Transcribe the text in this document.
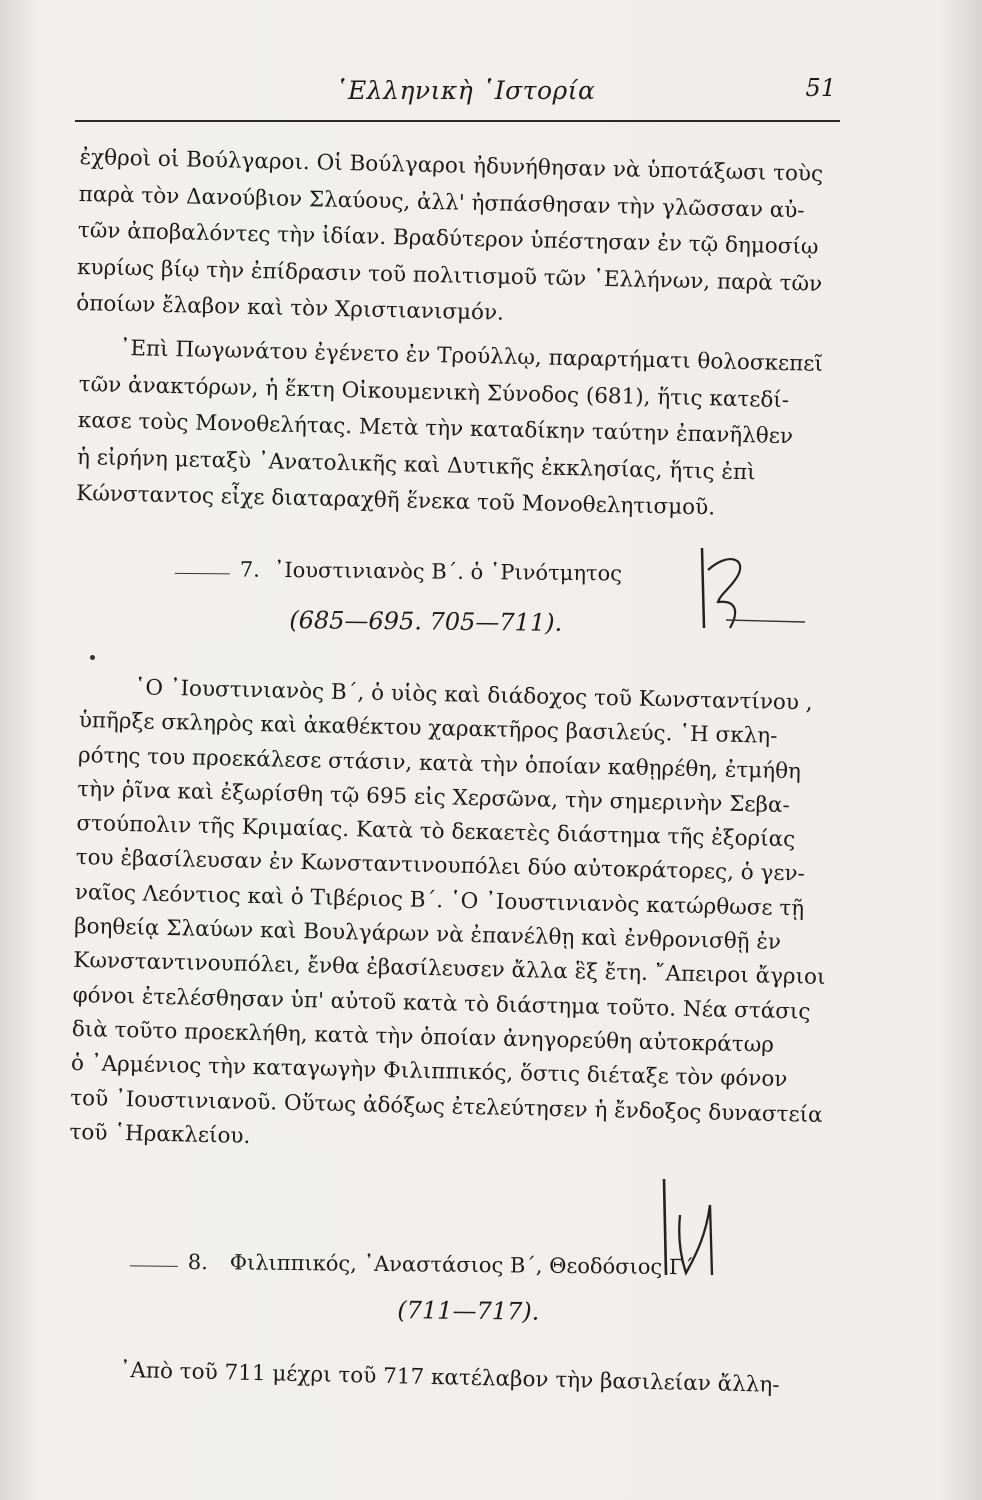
῾Ελληνικὴ ῾Ιστορία	51

ἐχθροὶ οἱ Βούλγαροι. Οἱ Βούλγαροι ἠδυνήθησαν νὰ ὑποτάξωσι τοὺς
παρὰ τὸν Δανούβιον Σλαύους, ἀλλ' ἠσπάσθησαν τὴν γλῶσσαν αὐ-
τῶν ἀποβαλόντες τὴν ἰδίαν. Βραδύτερον ὑπέστησαν ἐν τῷ δημοσίῳ
κυρίως βίῳ τὴν ἐπίδρασιν τοῦ πολιτισμοῦ τῶν ῾Ελλήνων, παρὰ τῶν
ὁποίων ἔλαβον καὶ τὸν Χριστιανισμόν.

᾿Επὶ Πωγωνάτου ἐγένετο ἐν Τρούλλῳ, παραρτήματι θολοσκεπεῖ
τῶν ἀνακτόρων, ἡ ἕκτη Οἰκουμενικὴ Σύνοδος (681), ἥτις κατεδί-
κασε τοὺς Μονοθελήτας. Μετὰ τὴν καταδίκην ταύτην ἐπανῆλθεν
ἡ εἰρήνη μεταξὺ ᾿Ανατολικῆς καὶ Δυτικῆς ἐκκλησίας, ἥτις ἐπὶ
Κώνσταντος εἶχε διαταραχθῆ ἕνεκα τοῦ Μονοθελητισμοῦ.

7. ᾿Ιουστινιανὸς Β΄. ὁ ῾Ρινότμητος
(685—695. 705—711).

῾Ο ᾿Ιουστινιανὸς Β΄, ὁ υἱὸς καὶ διάδοχος τοῦ Κωνσταντίνου ,
ὑπῆρξε σκληρὸς καὶ ἀκαθέκτου χαρακτῆρος βασιλεύς. ῾Η σκλη-
ρότης του προεκάλεσε στάσιν, κατὰ τὴν ὁποίαν καθῃρέθη, ἐτμήθη
τὴν ῥῖνα καὶ ἐξωρίσθη τῷ 695 εἰς Χερσῶνα, τὴν σημερινὴν Σεβα-
στούπολιν τῆς Κριμαίας. Κατὰ τὸ δεκαετὲς διάστημα τῆς ἐξορίας
του ἐβασίλευσαν ἐν Κωνσταντινουπόλει δύο αὐτοκράτορες, ὁ γεν-
ναῖος Λεόντιος καὶ ὁ Τιβέριος Β΄. ῾Ο ᾿Ιουστινιανὸς κατώρθωσε τῇ
βοηθείᾳ Σλαύων καὶ Βουλγάρων νὰ ἐπανέλθῃ καὶ ἐνθρονισθῇ ἐν
Κωνσταντινουπόλει, ἔνθα ἐβασίλευσεν ἄλλα ἓξ ἔτη. ῎Απειροι ἄγριοι
φόνοι ἐτελέσθησαν ὑπ' αὐτοῦ κατὰ τὸ διάστημα τοῦτο. Νέα στάσις
διὰ τοῦτο προεκλήθη, κατὰ τὴν ὁποίαν ἀνηγορεύθη αὐτοκράτωρ
ὁ ᾿Αρμένιος τὴν καταγωγὴν Φιλιππικός, ὅστις διέταξε τὸν φόνον
τοῦ ᾿Ιουστινιανοῦ. Οὕτως ἀδόξως ἐτελεύτησεν ἡ ἔνδοξος δυναστεία
τοῦ ῾Ηρακλείου.

8. Φιλιππικός, ᾿Αναστάσιος Β΄, Θεοδόσιος Γ΄
(711—717).

᾿Απὸ τοῦ 711 μέχρι τοῦ 717 κατέλαβον τὴν βασιλείαν ἄλλη-
